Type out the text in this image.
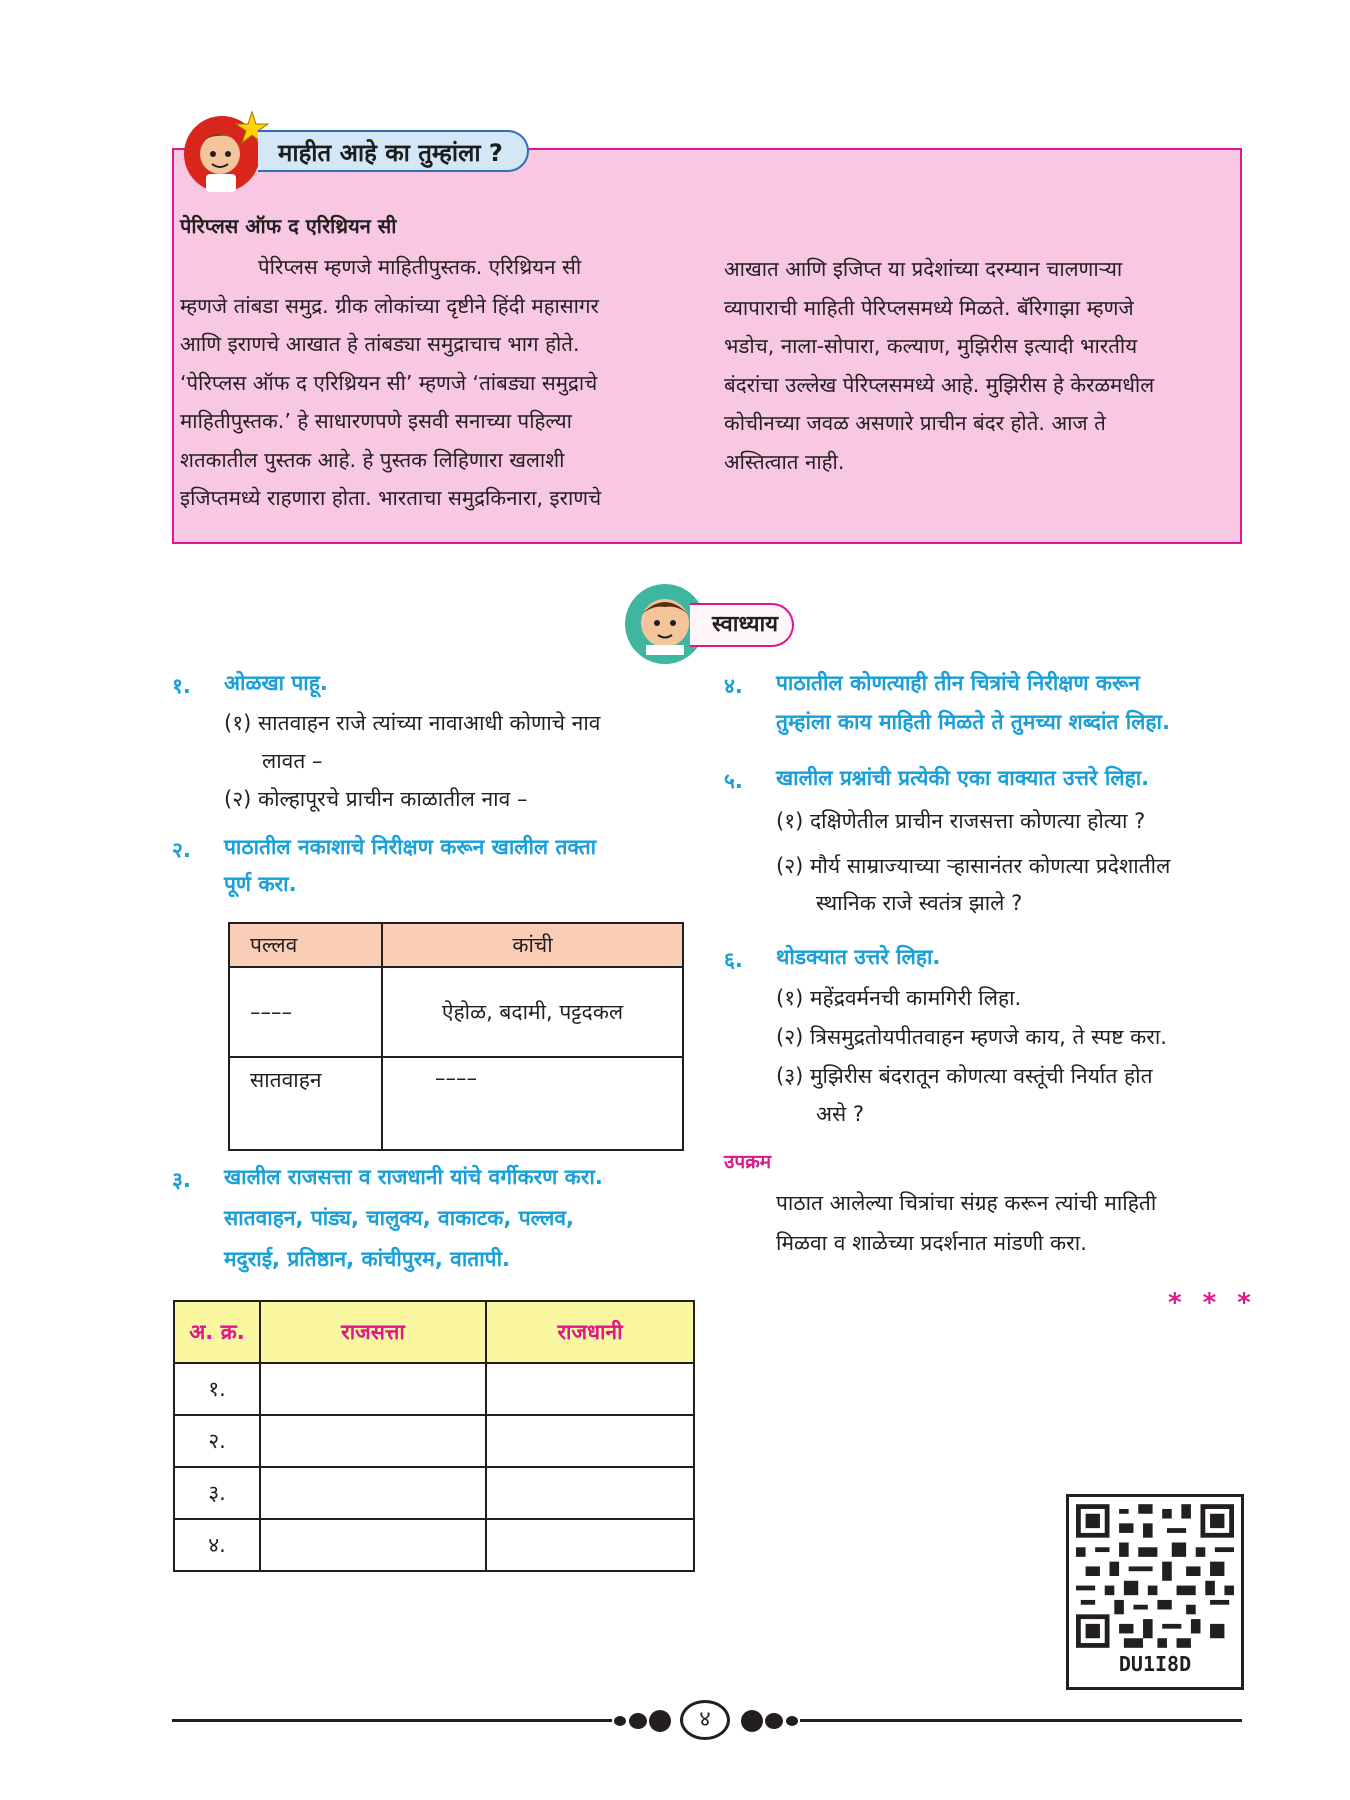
माहीत आहे का तुम्हांला ?
पेरिप्लस ऑफ द एरिथ्रियन सी
पेरिप्लस म्हणजे माहितीपुस्तक. एरिथ्रियन सी
म्हणजे तांबडा समुद्र. ग्रीक लोकांच्या दृष्टीने हिंदी महासागर
आणि इराणचे आखात हे तांबड्या समुद्राचाच भाग होते.
‘पेरिप्लस ऑफ द एरिथ्रियन सी’ म्हणजे ‘तांबड्या समुद्राचे
माहितीपुस्तक.’ हे साधारणपणे इसवी सनाच्या पहिल्या
शतकातील पुस्तक आहे. हे पुस्तक लिहिणारा खलाशी
इजिप्तमध्ये राहणारा होता. भारताचा समुद्रकिनारा, इराणचे
आखात आणि इजिप्त या प्रदेशांच्या दरम्यान चालणाऱ्या
व्यापाराची माहिती पेरिप्लसमध्ये मिळते. बॅरिगाझा म्हणजे
भडोच, नाला-सोपारा, कल्याण, मुझिरीस इत्यादी भारतीय
बंदरांचा उल्लेख पेरिप्लसमध्ये आहे. मुझिरीस हे केरळमधील
कोचीनच्या जवळ असणारे प्राचीन बंदर होते. आज ते
अस्तित्वात नाही.
स्वाध्याय
१. ओळखा पाहू.
(१) सातवाहन राजे त्यांच्या नावाआधी कोणाचे नाव
लावत –
(२) कोल्हापूरचे प्राचीन काळातील नाव –
२. पाठातील नकाशाचे निरीक्षण करून खालील तक्ता
पूर्ण करा.
पल्लव	कांची
––––	ऐहोळ, बदामी, पट्टदकल
सातवाहन	––––
३. खालील राजसत्ता व राजधानी यांचे वर्गीकरण करा.
सातवाहन, पांड्य, चालुक्य, वाकाटक, पल्लव,
मदुराई, प्रतिष्ठान, कांचीपुरम, वातापी.
अ. क्र.	राजसत्ता	राजधानी
१.		
२.		
३.		
४.		
४. पाठातील कोणत्याही तीन चित्रांचे निरीक्षण करून
तुम्हांला काय माहिती मिळते ते तुमच्या शब्दांत लिहा.
५. खालील प्रश्नांची प्रत्येकी एका वाक्यात उत्तरे लिहा.
(१) दक्षिणेतील प्राचीन राजसत्ता कोणत्या होत्या ?
(२) मौर्य साम्राज्याच्या ऱ्हासानंतर कोणत्या प्रदेशातील
स्थानिक राजे स्वतंत्र झाले ?
६. थोडक्यात उत्तरे लिहा.
(१) महेंद्रवर्मनची कामगिरी लिहा.
(२) त्रिसमुद्रतोयपीतवाहन म्हणजे काय, ते स्पष्ट करा.
(३) मुझिरीस बंदरातून कोणत्या वस्तूंची निर्यात होत
असे ?
उपक्रम
पाठात आलेल्या चित्रांचा संग्रह करून त्यांची माहिती
मिळवा व शाळेच्या प्रदर्शनात मांडणी करा.
* * *
DU1I8D
४
